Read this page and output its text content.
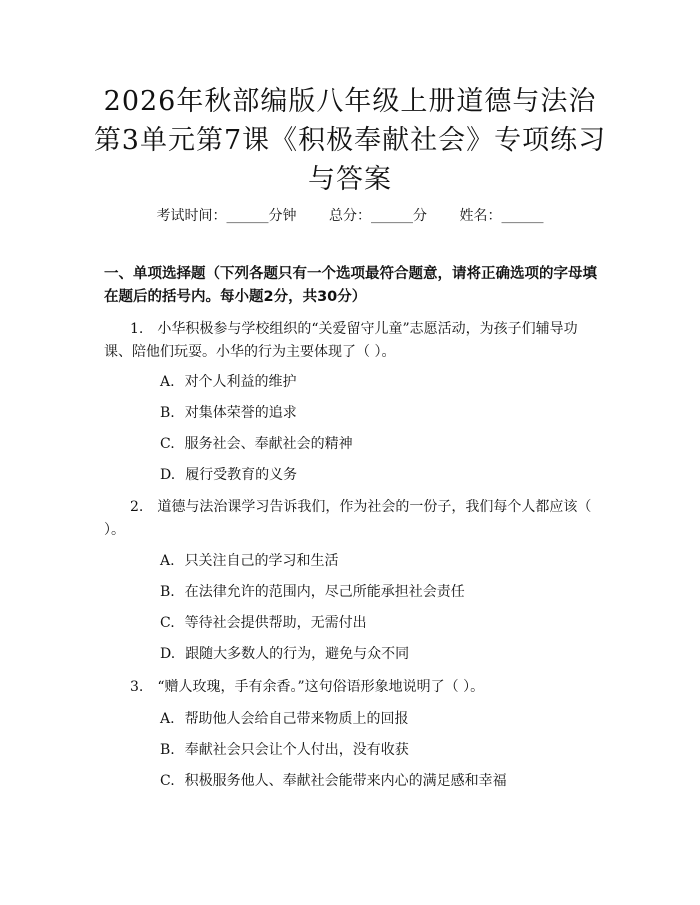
2026年秋部编版八年级上册道德与法治第3单元第7课《积极奉献社会》专项练习与答案
考试时间：______分钟 总分：______分 姓名：______

一、单项选择题（下列各题只有一个选项最符合题意，请将正确选项的字母填在题后的括号内。每小题2分，共30分）

1. 小华积极参与学校组织的“关爱留守儿童”志愿活动，为孩子们辅导功课、陪他们玩耍。小华的行为主要体现了（ ）。

A. 对个人利益的维护

B. 对集体荣誉的追求

C. 服务社会、奉献社会的精神

D. 履行受教育的义务

2. 道德与法治课学习告诉我们，作为社会的一份子，我们每个人都应该（ ）。

A. 只关注自己的学习和生活

B. 在法律允许的范围内，尽己所能承担社会责任

C. 等待社会提供帮助，无需付出

D. 跟随大多数人的行为，避免与众不同

3. “赠人玫瑰，手有余香。”这句俗语形象地说明了（ ）。

A. 帮助他人会给自己带来物质上的回报

B. 奉献社会只会让个人付出，没有收获

C. 积极服务他人、奉献社会能带来内心的满足感和幸福
